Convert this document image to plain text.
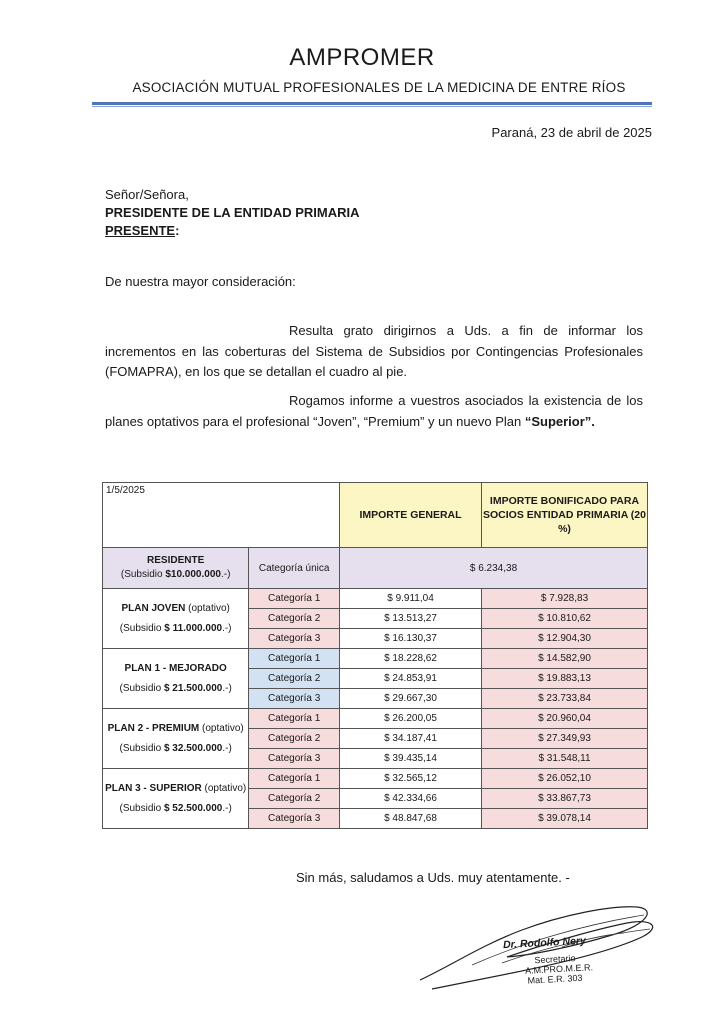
AMPROMER
ASOCIACIÓN MUTUAL PROFESIONALES DE LA MEDICINA DE ENTRE RÍOS
Paraná, 23 de abril de 2025
Señor/Señora,
PRESIDENTE DE LA ENTIDAD PRIMARIA
PRESENTE:
De nuestra mayor consideración:
Resulta grato dirigirnos a Uds. a fin de informar los incrementos en las coberturas del Sistema de Subsidios por Contingencias Profesionales (FOMAPRA), en los que se detallan el cuadro al pie.
Rogamos informe a vuestros asociados la existencia de los planes optativos para el profesional “Joven”, “Premium” y un nuevo Plan “Superior”.
1/5/2025		IMPORTE GENERAL	IMPORTE BONIFICADO PARA SOCIOS ENTIDAD PRIMARIA (20 %)

RESIDENTE
(Subsidio $10.000.000.-)	Categoría única	$ 6.234,38	

PLAN JOVEN (optativo)
(Subsidio $ 11.000.000.-)	Categoría 1	$ 9.911,04	$ 7.928,83
	Categoría 2	$ 13.513,27	$ 10.810,62
	Categoría 3	$ 16.130,37	$ 12.904,30

PLAN 1 - MEJORADO
(Subsidio $ 21.500.000.-)	Categoría 1	$ 18.228,62	$ 14.582,90
	Categoría 2	$ 24.853,91	$ 19.883,13
	Categoría 3	$ 29.667,30	$ 23.733,84

PLAN 2 - PREMIUM (optativo)
(Subsidio $ 32.500.000.-)	Categoría 1	$ 26.200,05	$ 20.960,04
	Categoría 2	$ 34.187,41	$ 27.349,93
	Categoría 3	$ 39.435,14	$ 31.548,11

PLAN 3 - SUPERIOR (optativo)
(Subsidio $ 52.500.000.-)	Categoría 1	$ 32.565,12	$ 26.052,10
	Categoría 2	$ 42.334,66	$ 33.867,73
	Categoría 3	$ 48.847,68	$ 39.078,14
Sin más, saludamos a Uds. muy atentamente. -
Dr. Rodolfo Nery
Secretario
A.M.PRO.M.E.R.
Mat. E.R. 303
